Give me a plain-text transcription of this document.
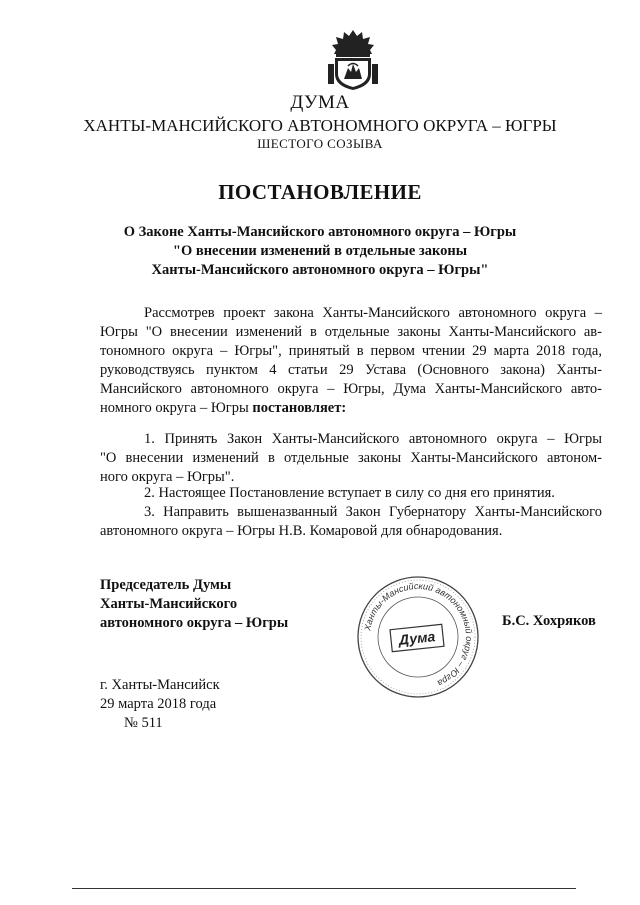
ДУМА
ХАНТЫ-МАНСИЙСКОГО АВТОНОМНОГО ОКРУГА – ЮГРЫ
ШЕСТОГО СОЗЫВА
ПОСТАНОВЛЕНИЕ
О Законе Ханты-Мансийского автономного округа – Югры
"О внесении изменений в отдельные законы
Ханты-Мансийского автономного округа – Югры"
Рассмотрев проект закона Ханты-Мансийского автономного округа –
Югры "О внесении изменений в отдельные законы Ханты-Мансийского ав-
тономного округа – Югры", принятый в первом чтении 29 марта 2018 года,
руководствуясь пунктом 4 статьи 29 Устава (Основного закона) Ханты-
Мансийского автономного округа – Югры, Дума Ханты-Мансийского авто-
номного округа – Югры постановляет:
1. Принять Закон Ханты-Мансийского автономного округа – Югры
"О внесении изменений в отдельные законы Ханты-Мансийского автоном-
ного округа – Югры".
2. Настоящее Постановление вступает в силу со дня его принятия.
3. Направить вышеназванный Закон Губернатору Ханты-Мансийского
автономного округа – Югры Н.В. Комаровой для обнародования.
Председатель Думы
Ханты-Мансийского
автономного округа – Югры	Ханты-Мансийский автономный округ – Югра
Дума
Б.С. Хохряков
г. Ханты-Мансийск
29 марта 2018 года
№ 511
